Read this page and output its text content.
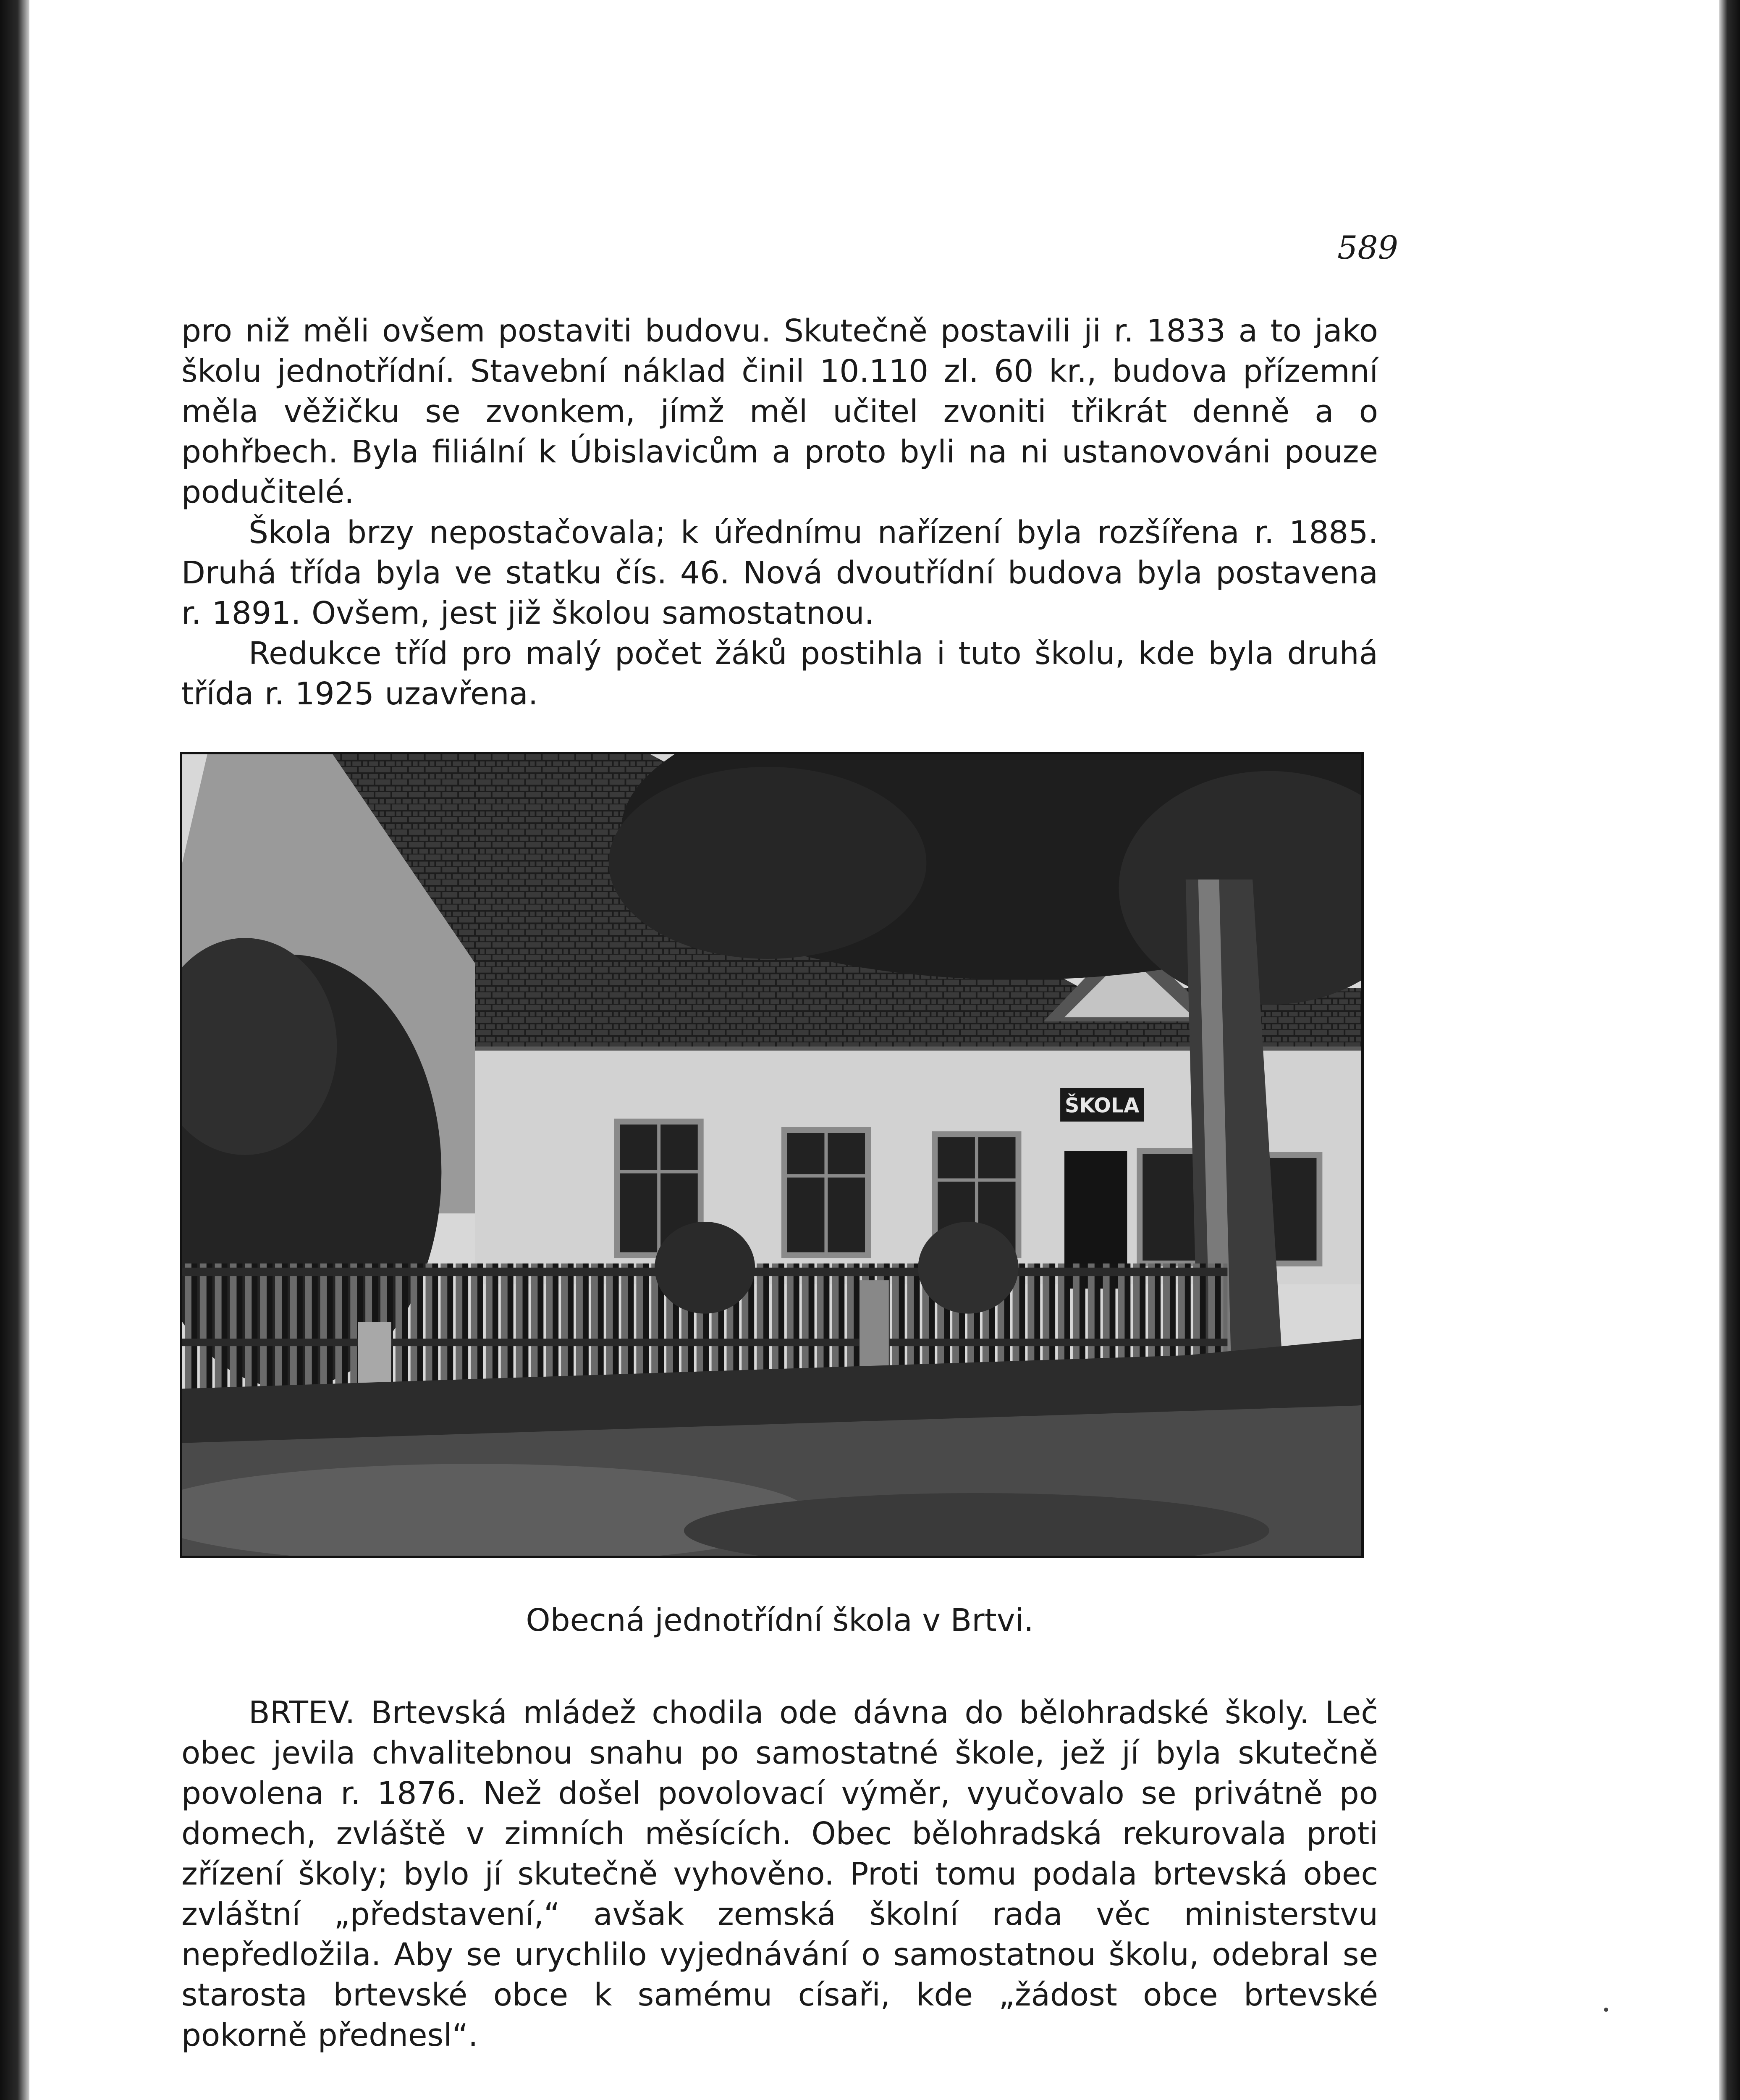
589

pro niž měli ovšem postaviti budovu. Skutečně postavili ji r. 1833 a to jako školu jednotřídní. Stavební náklad činil 10.110 zl. 60 kr., budova přízemní měla věžičku se zvonkem, jímž měl učitel zvoniti třikrát denně a o pohřbech. Byla filiální k Úbislavicům a proto byli na ni ustanovováni pouze podučitelé.

Škola brzy nepostačovala; k úřednímu nařízení byla rozšířena r. 1885. Druhá třída byla ve statku čís. 46. Nová dvoutřídní budova byla postavena r. 1891. Ovšem, jest již školou samostatnou.

Redukce tříd pro malý počet žáků postihla i tuto školu, kde byla druhá třída r. 1925 uzavřena.

ŠKOLA
Obecná jednotřídní škola v Brtvi.

BRTEV. Brtevská mládež chodila ode dávna do bělohradské školy. Leč obec jevila chvalitebnou snahu po samostatné škole, jež jí byla skutečně povolena r. 1876. Než došel povolovací výměr, vyučovalo se privátně po domech, zvláště v zimních měsících. Obec bělohradská rekurovala proti zřízení školy; bylo jí skutečně vyhověno. Proti tomu podala brtevská obec zvláštní „představení,“ avšak zemská školní rada věc ministerstvu nepředložila. Aby se urychlilo vyjednávání o samostatnou školu, odebral se starosta brtevské obce k samému císaři, kde „žádost obce brtevské pokorně přednesl“.
